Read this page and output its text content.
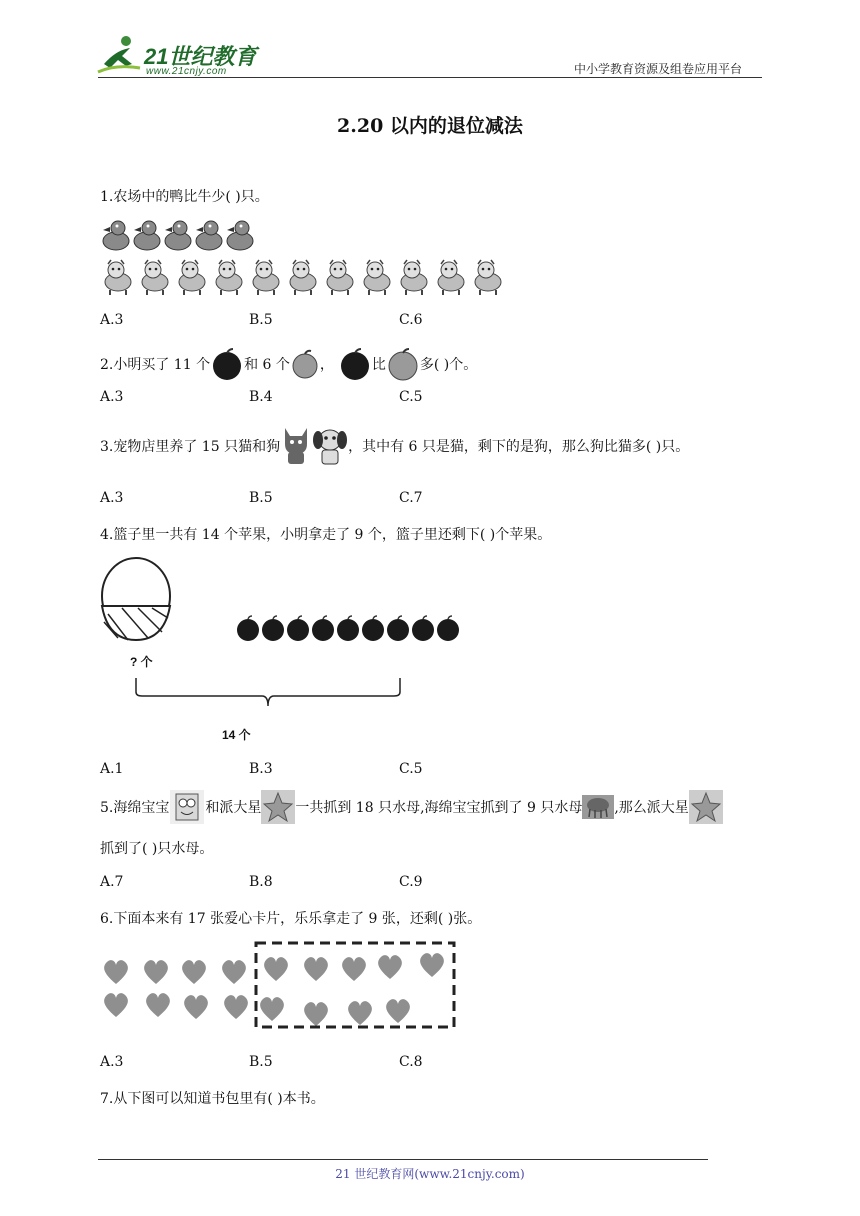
21世纪教育
www.21cnjy.com	中小学教育资源及组卷应用平台
2.20 以内的退位减法
1.农场中的鸭比牛少( )只。
A.3	B.5	C.6
2.小明买了 11 个 和 6 个 ，	比 多( )个。
A.3	B.4	C.5
3.宠物店里养了 15 只猫和狗	，其中有 6 只是猫，剩下的是狗，那么狗比猫多( )只。
A.3	B.5	C.7
4.篮子里一共有 14 个苹果，小明拿走了 9 个，篮子里还剩下( )个苹果。
? 个
14 个
A.1	B.3	C.5
5.海绵宝宝	和派大星 一共抓到 18 只水母,海绵宝宝抓到了 9 只水母 ,那么派大星
抓到了( )只水母。
A.7	B.8	C.9
6.下面本来有 17 张爱心卡片，乐乐拿走了 9 张，还剩( )张。
A.3	B.5	C.8
7.从下图可以知道书包里有( )本书。
21 世纪教育网(www.21cnjy.com)
